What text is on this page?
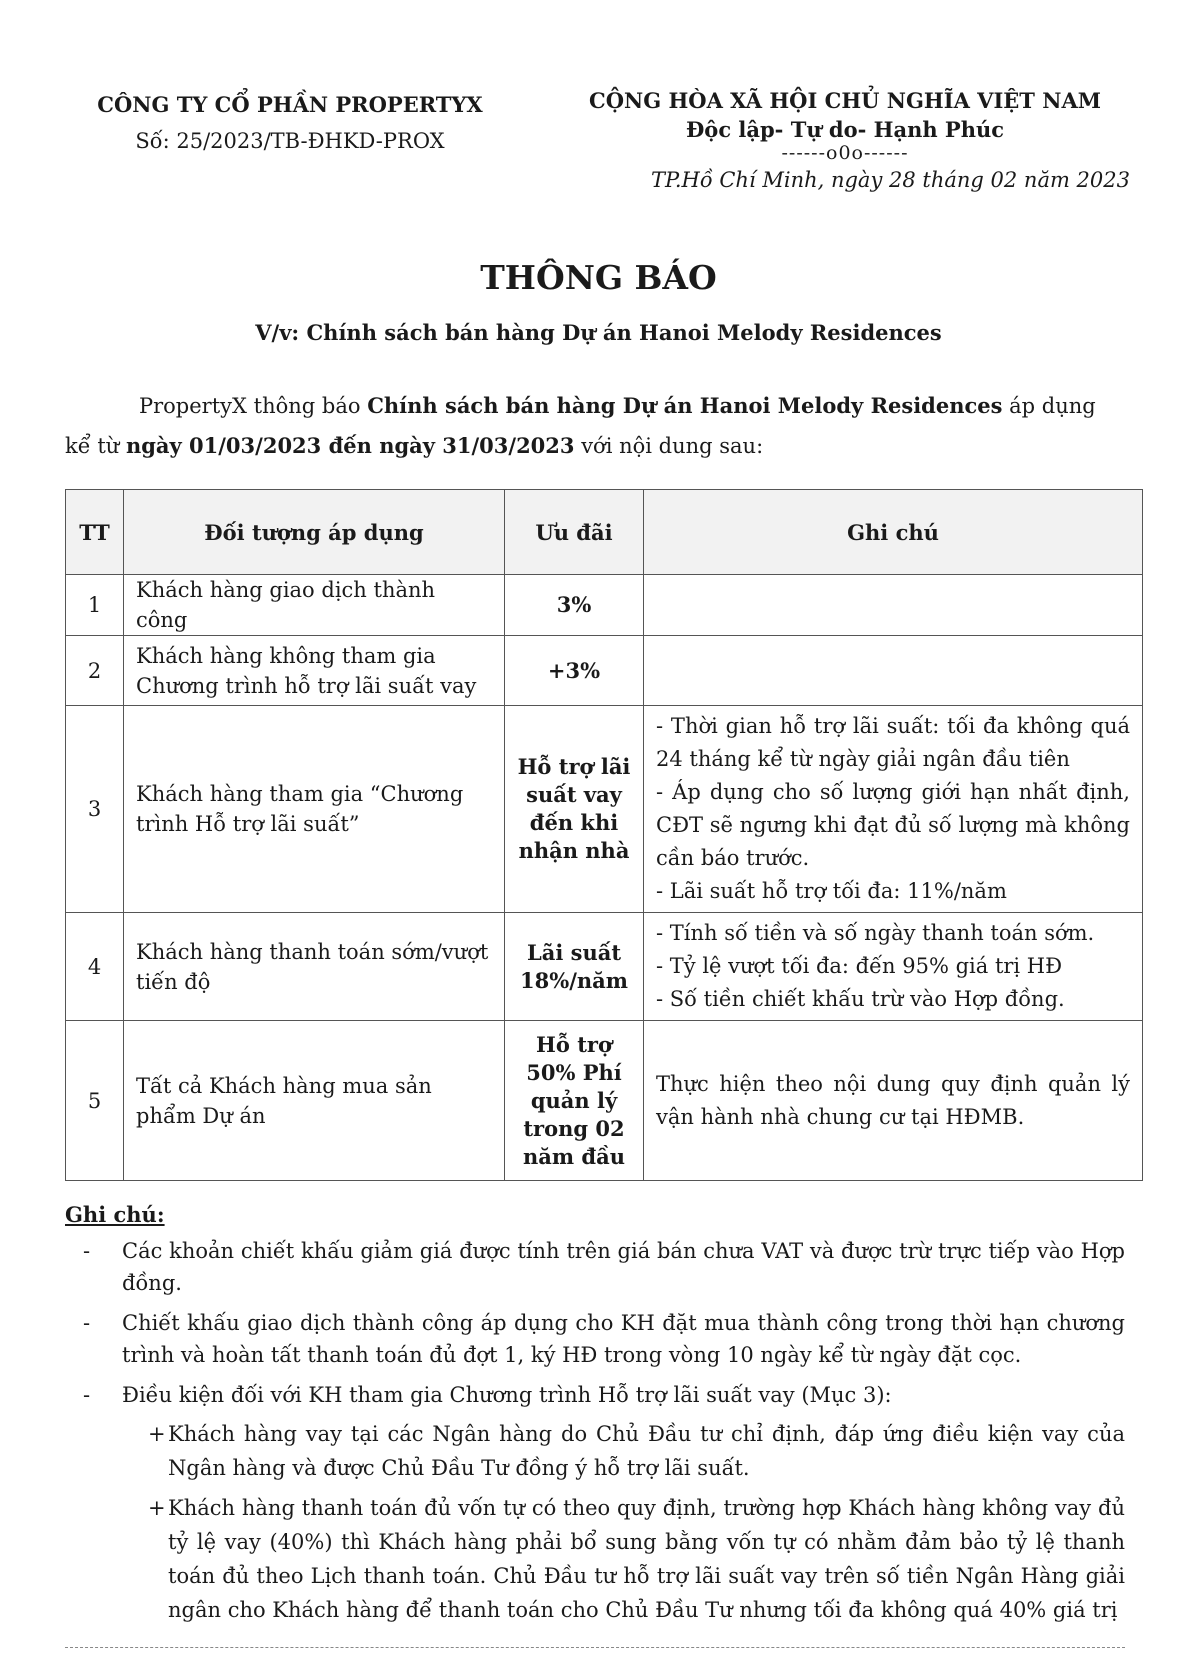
CÔNG TY CỔ PHẦN PROPERTYX
Số: 25/2023/TB-ĐHKD-PROX
CỘNG HÒA XÃ HỘI CHỦ NGHĨA VIỆT NAM
Độc lập- Tự do- Hạnh Phúc
------o0o------
TP.Hồ Chí Minh, ngày 28 tháng 02 năm 2023
THÔNG BÁO
V/v: Chính sách bán hàng Dự án Hanoi Melody Residences
PropertyX thông báo Chính sách bán hàng Dự án Hanoi Melody Residences áp dụng kể từ ngày 01/03/2023 đến ngày 31/03/2023 với nội dung sau:
TT	Đối tượng áp dụng	Ưu đãi	Ghi chú
1	Khách hàng giao dịch thành công	3%	
2	Khách hàng không tham gia Chương trình hỗ trợ lãi suất vay	+3%	
3	Khách hàng tham gia “Chương trình Hỗ trợ lãi suất”	Hỗ trợ lãi suất vay đến khi nhận nhà	- Thời gian hỗ trợ lãi suất: tối đa không quá 24 tháng kể từ ngày giải ngân đầu tiên
- Áp dụng cho số lượng giới hạn nhất định, CĐT sẽ ngưng khi đạt đủ số lượng mà không cần báo trước.
- Lãi suất hỗ trợ tối đa: 11%/năm

4	Khách hàng thanh toán sớm/vượt tiến độ	Lãi suất 18%/năm	- Tính số tiền và số ngày thanh toán sớm.
- Tỷ lệ vượt tối đa: đến 95% giá trị HĐ
- Số tiền chiết khấu trừ vào Hợp đồng.

5	Tất cả Khách hàng mua sản phẩm Dự án	Hỗ trợ 50% Phí quản lý trong 02 năm đầu	Thực hiện theo nội dung quy định quản lý vận hành nhà chung cư tại HĐMB.
Ghi chú:
- Các khoản chiết khấu giảm giá được tính trên giá bán chưa VAT và được trừ trực tiếp vào Hợp đồng.
- Chiết khấu giao dịch thành công áp dụng cho KH đặt mua thành công trong thời hạn chương trình và hoàn tất thanh toán đủ đợt 1, ký HĐ trong vòng 10 ngày kể từ ngày đặt cọc.
- Điều kiện đối với KH tham gia Chương trình Hỗ trợ lãi suất vay (Mục 3):
+ Khách hàng vay tại các Ngân hàng do Chủ Đầu tư chỉ định, đáp ứng điều kiện vay của Ngân hàng và được Chủ Đầu Tư đồng ý hỗ trợ lãi suất.
+ Khách hàng thanh toán đủ vốn tự có theo quy định, trường hợp Khách hàng không vay đủ tỷ lệ vay (40%) thì Khách hàng phải bổ sung bằng vốn tự có nhằm đảm bảo tỷ lệ thanh toán đủ theo Lịch thanh toán. Chủ Đầu tư hỗ trợ lãi suất vay trên số tiền Ngân Hàng giải ngân cho Khách hàng để thanh toán cho Chủ Đầu Tư nhưng tối đa không quá 40% giá trị
